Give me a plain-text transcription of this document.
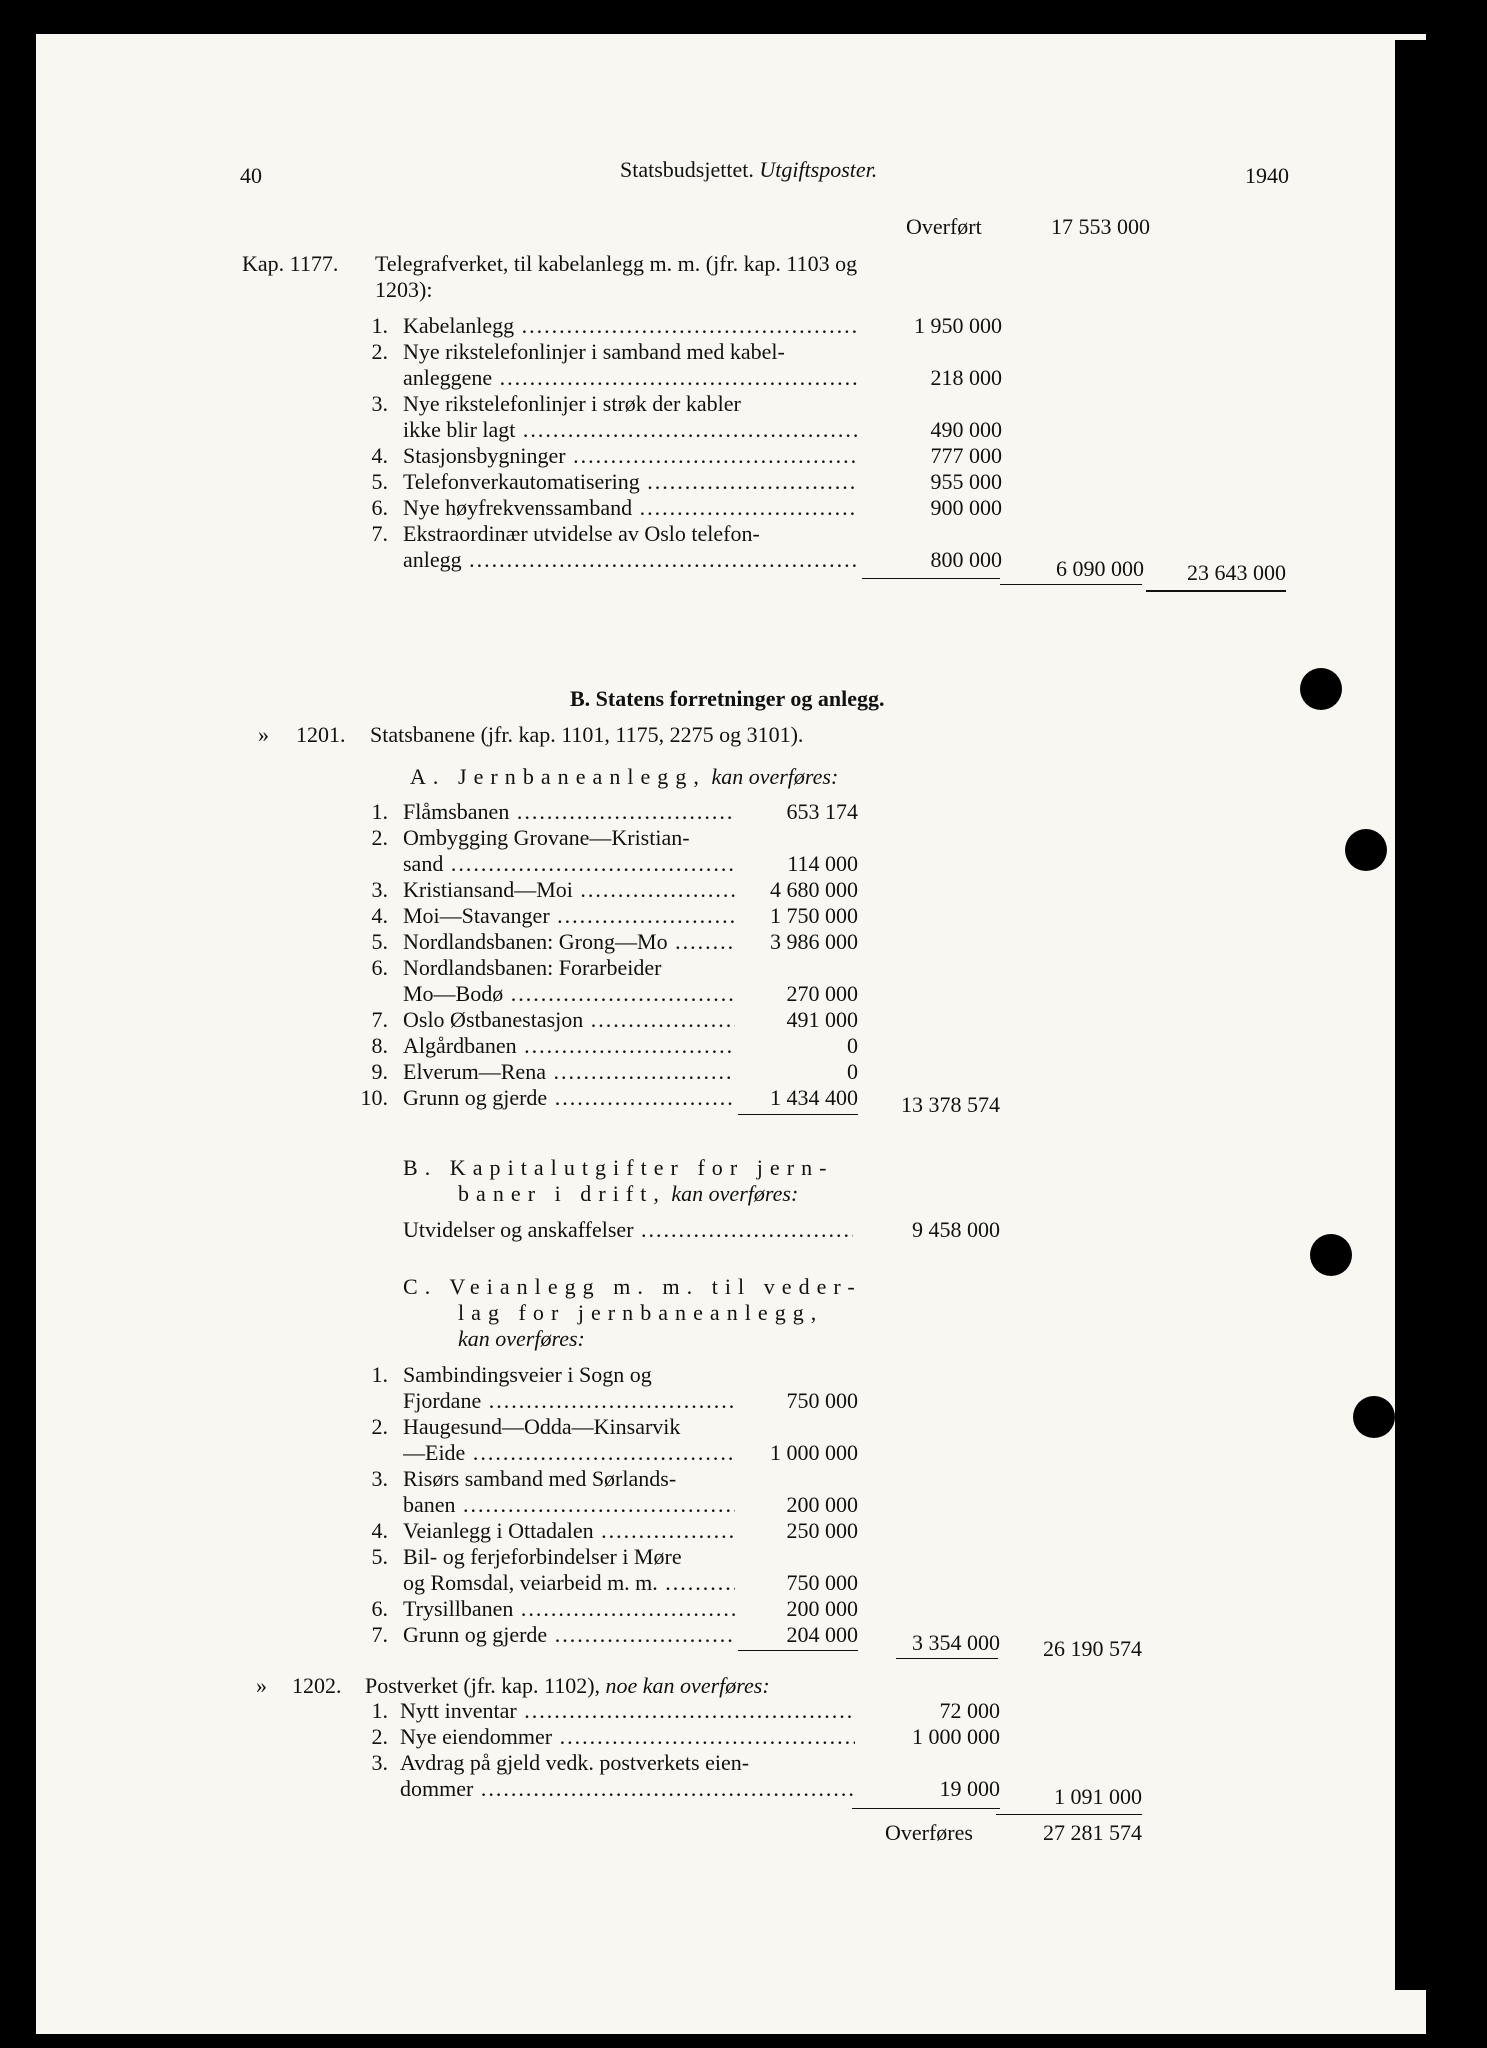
40	Statsbudsjettet. Utgiftsposter.	1940
Overført	17 553 000
Kap. 1177. Telegrafverket, til kabelanlegg m. m. (jfr. kap. 1103 og
1203):
1. Kabelanlegg .....	1 950 000
2. Nye rikstelefonlinjer i samband med kabel-
anleggene .....	218 000
3. Nye rikstelefonlinjer i strøk der kabler
ikke blir lagt .....	490 000
4. Stasjonsbygninger .....	777 000
5. Telefonverkautomatisering .....	955 000
6. Nye høyfrekvenssamband .....	900 000
7. Ekstraordinær utvidelse av Oslo telefon-
anlegg .....	800 000	6 090 000	23 643 000
B. Statens forretninger og anlegg.
» 1201. Statsbanene (jfr. kap. 1101, 1175, 2275 og 3101).
A. Jernbaneanlegg, kan overføres:
1. Flåmsbanen .....	653 174
2. Ombygging Grovane—Kristian-
sand .....	114 000
3. Kristiansand—Moi .....	4 680 000
4. Moi—Stavanger .....	1 750 000
5. Nordlandsbanen: Grong—Mo .....	3 986 000
6. Nordlandsbanen: Forarbeider
Mo—Bodø .....	270 000
7. Oslo Østbanestasjon .....	491 000
8. Algårdbanen .....	0
9. Elverum—Rena .....	0
10. Grunn og gjerde .....	1 434 400	13 378 574
B. Kapitalutgifter for jern-
baner i drift, kan overføres:
Utvidelser og anskaffelser .....	9 458 000
C. Veianlegg m. m. til veder-
lag for jernbaneanlegg,
kan overføres:
1. Sambindingsveier i Sogn og
Fjordane .....	750 000
2. Haugesund—Odda—Kinsarvik
—Eide .....	1 000 000
3. Risørs samband med Sørlands-
banen .....	200 000
4. Veianlegg i Ottadalen .....	250 000
5. Bil- og ferjeforbindelser i Møre
og Romsdal, veiarbeid m. m. .....	750 000
6. Trysillbanen .....	200 000
7. Grunn og gjerde .....	204 000	3 354 000	26 190 574
» 1202. Postverket (jfr. kap. 1102), noe kan overføres:
1. Nytt inventar .....	72 000
2. Nye eiendommer .....	1 000 000
3. Avdrag på gjeld vedk. postverkets eien-
dommer .....	19 000	1 091 000
Overføres	27 281 574
